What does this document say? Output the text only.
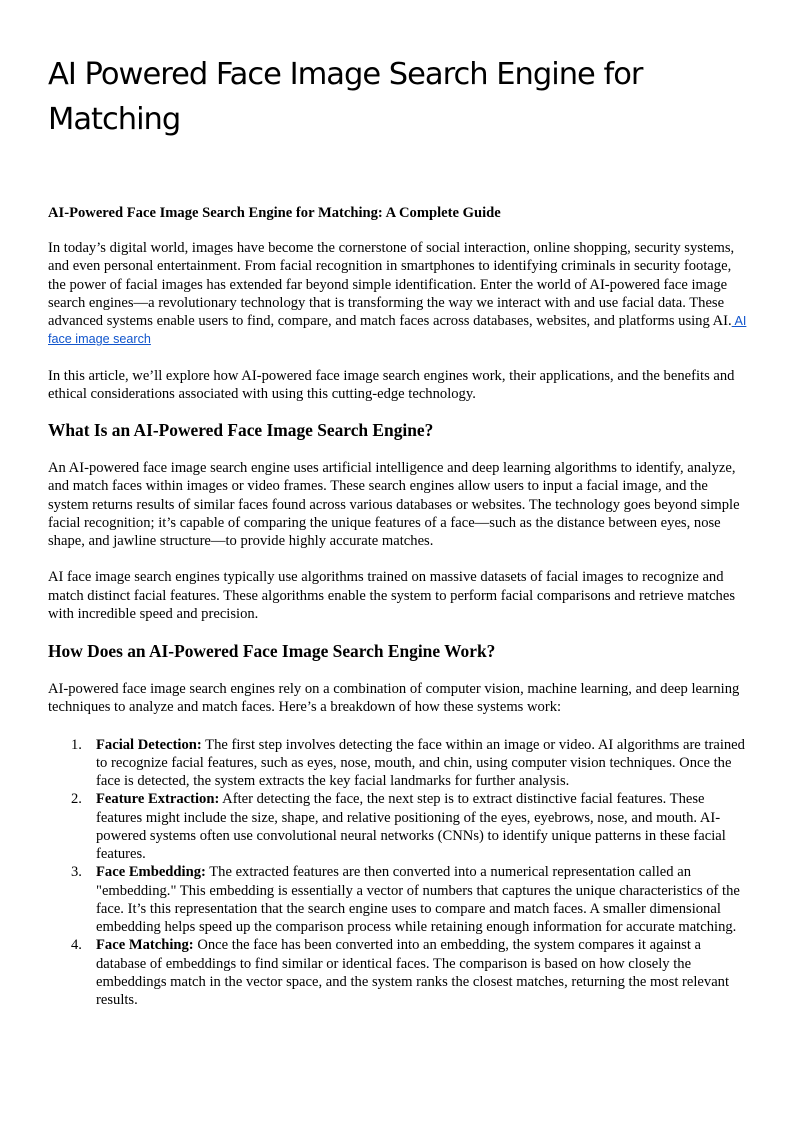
AI Powered Face Image Search Engine for Matching

AI-Powered Face Image Search Engine for Matching: A Complete Guide

In today’s digital world, images have become the cornerstone of social interaction, online shopping, security systems, and even personal entertainment. From facial recognition in smartphones to identifying criminals in security footage, the power of facial images has extended far beyond simple identification. Enter the world of AI-powered face image search engines—a revolutionary technology that is transforming the way we interact with and use facial data. These advanced systems enable users to find, compare, and match faces across databases, websites, and platforms using AI. AI face image search

In this article, we’ll explore how AI-powered face image search engines work, their applications, and the benefits and ethical considerations associated with using this cutting-edge technology.

What Is an AI-Powered Face Image Search Engine?

An AI-powered face image search engine uses artificial intelligence and deep learning algorithms to identify, analyze, and match faces within images or video frames. These search engines allow users to input a facial image, and the system returns results of similar faces found across various databases or websites. The technology goes beyond simple facial recognition; it’s capable of comparing the unique features of a face—such as the distance between eyes, nose shape, and jawline structure—to provide highly accurate matches.

AI face image search engines typically use algorithms trained on massive datasets of facial images to recognize and match distinct facial features. These algorithms enable the system to perform facial comparisons and retrieve matches with incredible speed and precision.

How Does an AI-Powered Face Image Search Engine Work?

AI-powered face image search engines rely on a combination of computer vision, machine learning, and deep learning techniques to analyze and match faces. Here’s a breakdown of how these systems work:

1. Facial Detection: The first step involves detecting the face within an image or video. AI algorithms are trained to recognize facial features, such as eyes, nose, mouth, and chin, using computer vision techniques. Once the face is detected, the system extracts the key facial landmarks for further analysis.
2. Feature Extraction: After detecting the face, the next step is to extract distinctive facial features. These features might include the size, shape, and relative positioning of the eyes, eyebrows, nose, and mouth. AI-powered systems often use convolutional neural networks (CNNs) to identify unique patterns in these facial features.
3. Face Embedding: The extracted features are then converted into a numerical representation called an "embedding." This embedding is essentially a vector of numbers that captures the unique characteristics of the face. It’s this representation that the search engine uses to compare and match faces. A smaller dimensional embedding helps speed up the comparison process while retaining enough information for accurate matching.
4. Face Matching: Once the face has been converted into an embedding, the system compares it against a database of embeddings to find similar or identical faces. The comparison is based on how closely the embeddings match in the vector space, and the system ranks the closest matches, returning the most relevant results.
